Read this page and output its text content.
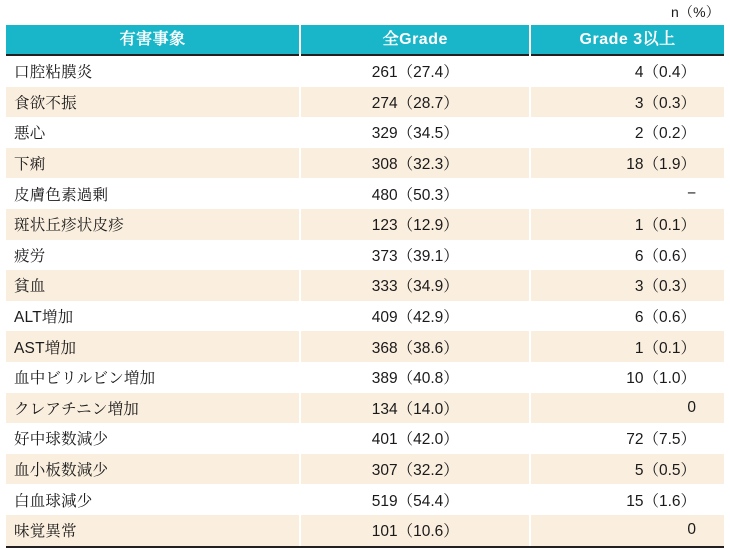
n（%）
有害事象	全Grade	Grade 3以上
口腔粘膜炎	261（27.4）	4（0.4）
食欲不振	274（28.7）	3（0.3）
悪心	329（34.5）	2（0.2）
下痢	308（32.3）	18（1.9）
皮膚色素過剰	480（50.3）	−
斑状丘疹状皮疹	123（12.9）	1（0.1）
疲労	373（39.1）	6（0.6）
貧血	333（34.9）	3（0.3）
ALT増加	409（42.9）	6（0.6）
AST増加	368（38.6）	1（0.1）
血中ビリルビン増加	389（40.8）	10（1.0）
クレアチニン増加	134（14.0）	0
好中球数減少	401（42.0）	72（7.5）
血小板数減少	307（32.2）	5（0.5）
白血球減少	519（54.4）	15（1.6）
味覚異常	101（10.6）	0
